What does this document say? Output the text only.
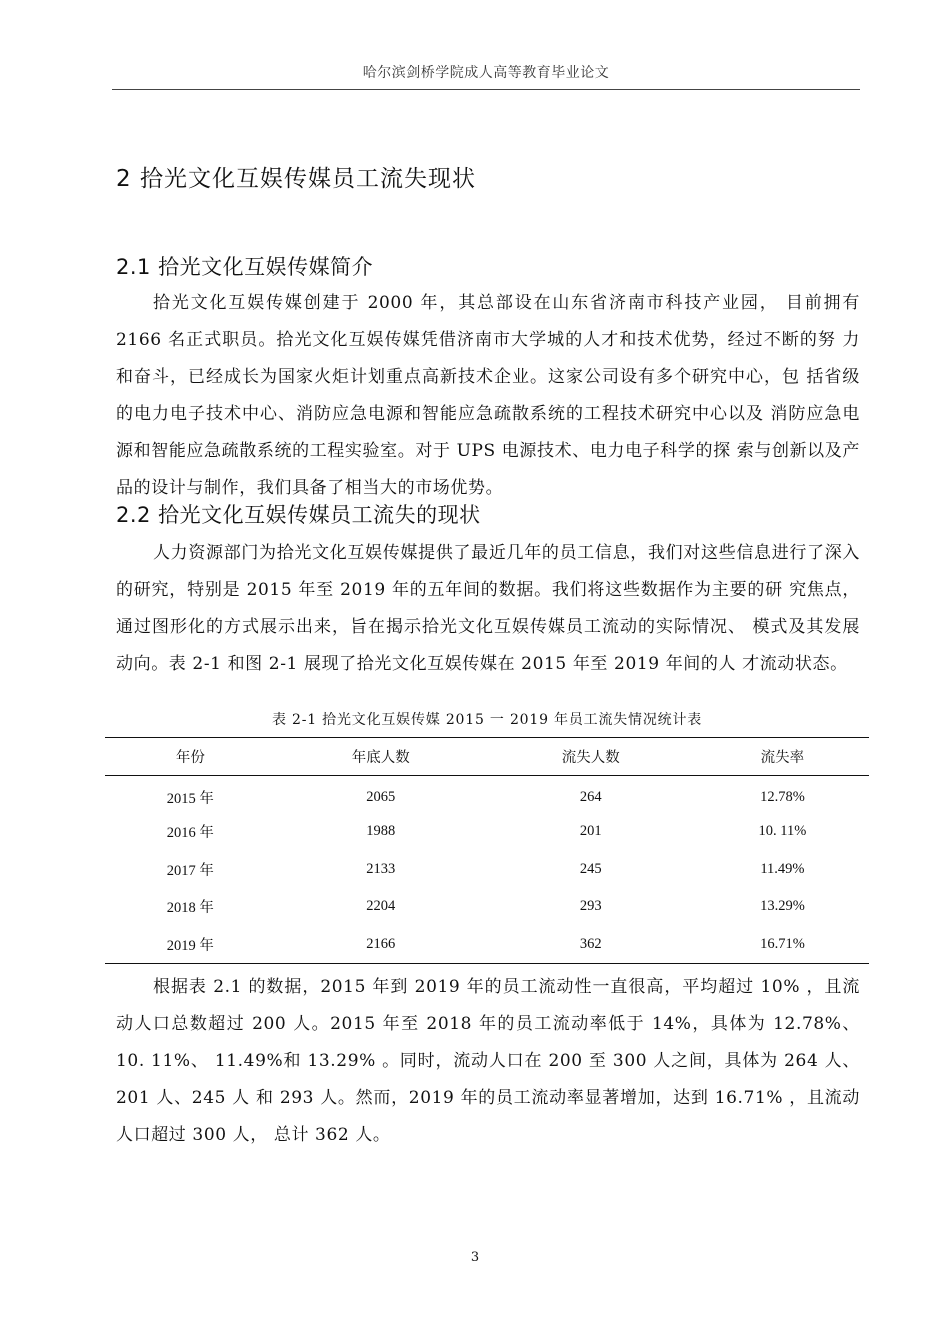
哈尔滨剑桥学院成人高等教育毕业论文
2 拾光文化互娱传媒员工流失现状
2.1 拾光文化互娱传媒简介

拾光文化互娱传媒创建于 2000 年，其总部设在山东省济南市科技产业园， 目前拥有 2166 名正式职员。拾光文化互娱传媒凭借济南市大学城的人才和技术优势，经过不断的努 力和奋斗，已经成长为国家火炬计划重点高新技术企业。这家公司设有多个研究中心，包 括省级的电力电子技术中心、消防应急电源和智能应急疏散系统的工程技术研究中心以及 消防应急电源和智能应急疏散系统的工程实验室。对于 UPS 电源技术、电力电子科学的探 索与创新以及产品的设计与制作，我们具备了相当大的市场优势。

2.2 拾光文化互娱传媒员工流失的现状

人力资源部门为拾光文化互娱传媒提供了最近几年的员工信息，我们对这些信息进行了深入的研究，特别是 2015 年至 2019 年的五年间的数据。我们将这些数据作为主要的研 究焦点，通过图形化的方式展示出来，旨在揭示拾光文化互娱传媒员工流动的实际情况、 模式及其发展动向。表 2-1 和图 2-1 展现了拾光文化互娱传媒在 2015 年至 2019 年间的人 才流动状态。

表 2-1 拾光文化互娱传媒 2015 一 2019 年员工流失情况统计表
年份	年底人数	流失人数	流失率
2015 年	2065	264	12.78%
2016 年	1988	201	10. 11%
2017 年	2133	245	11.49%
2018 年	2204	293	13.29%
2019 年	2166	362	16.71%

根据表 2.1 的数据，2015 年到 2019 年的员工流动性一直很高，平均超过 10% ，且流 动人口总数超过 200 人。2015 年至 2018 年的员工流动率低于 14%，具体为 12.78%、10. 11%、 11.49%和 13.29% 。同时，流动人口在 200 至 300 人之间，具体为 264 人、201 人、245 人 和 293 人。然而，2019 年的员工流动率显著增加，达到 16.71% ，且流动人口超过 300 人， 总计 362 人。

3
